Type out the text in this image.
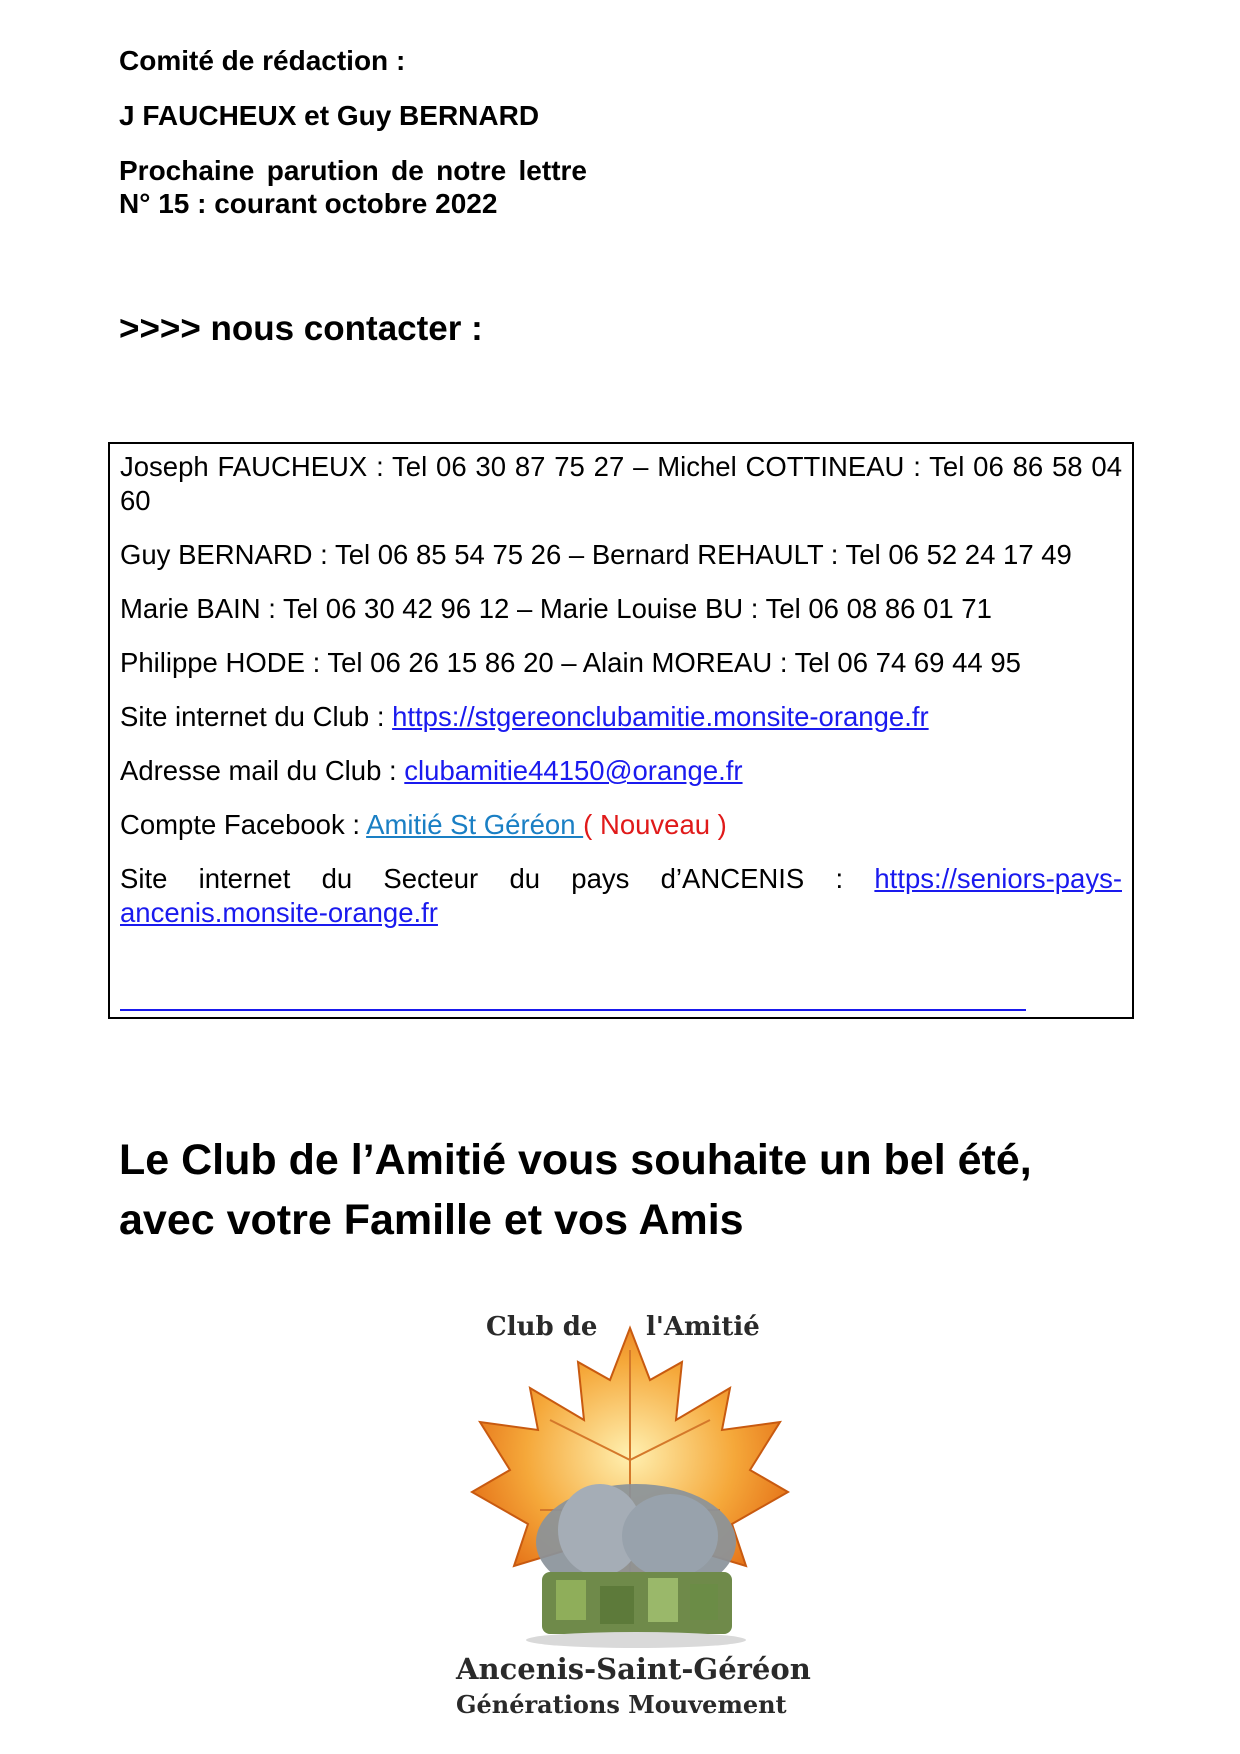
Comité de rédaction :

J FAUCHEUX et Guy BERNARD

Prochaine parution de notre lettre N° 15 : courant octobre 2022

>>>> nous contacter :

Joseph FAUCHEUX : Tel 06 30 87 75 27 – Michel COTTINEAU : Tel 06 86 58 04 60

Guy BERNARD : Tel 06 85 54 75 26 – Bernard REHAULT : Tel 06 52 24 17 49

Marie BAIN : Tel 06 30 42 96 12 – Marie Louise BU : Tel 06 08 86 01 71

Philippe HODE : Tel 06 26 15 86 20 – Alain MOREAU : Tel 06 74 69 44 95

Site internet du Club : https://stgereonclubamitie.monsite-orange.fr

Adresse mail du Club : clubamitie44150@orange.fr

Compte Facebook : Amitié St Géréon ( Nouveau )

Site internet du Secteur du pays d’ANCENIS : https://seniors-pays-ancenis.monsite-orange.fr

Le Club de l’Amitié vous souhaite un bel été, avec votre Famille et vos Amis
Club de l'Amitié
Ancenis-Saint-Géréon
Générations Mouvement
